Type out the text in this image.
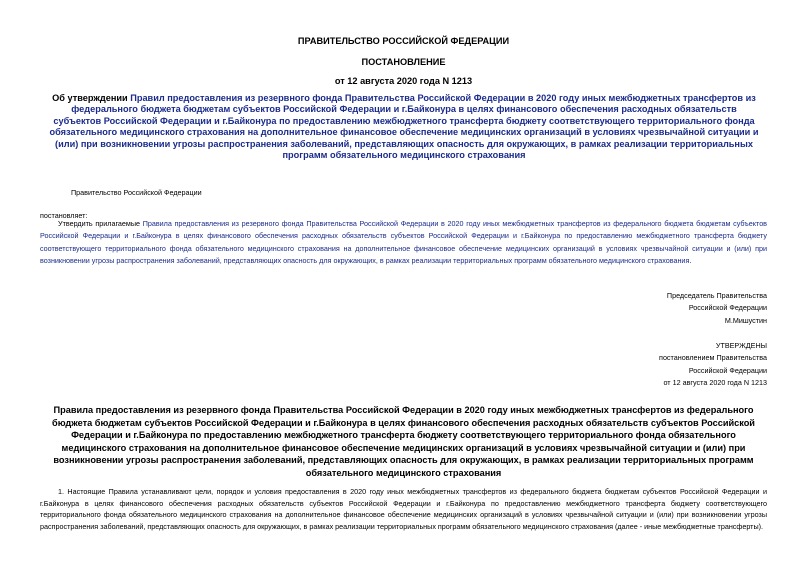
ПРАВИТЕЛЬСТВО РОССИЙСКОЙ ФЕДЕРАЦИИ
ПОСТАНОВЛЕНИЕ
от 12 августа 2020 года N 1213
Об утверждении Правил предоставления из резервного фонда Правительства Российской Федерации в 2020 году иных межбюджетных трансфертов из федерального бюджета бюджетам субъектов Российской Федерации и г.Байконура в целях финансового обеспечения расходных обязательств субъектов Российской Федерации и г.Байконура по предоставлению межбюджетного трансферта бюджету соответствующего территориального фонда обязательного медицинского страхования на дополнительное финансовое обеспечение медицинских организаций в условиях чрезвычайной ситуации и (или) при возникновении угрозы распространения заболеваний, представляющих опасность для окружающих, в рамках реализации территориальных программ обязательного медицинского страхования
Правительство Российской Федерации
постановляет:
Утвердить прилагаемые Правила предоставления из резервного фонда Правительства Российской Федерации в 2020 году иных межбюджетных трансфертов из федерального бюджета бюджетам субъектов Российской Федерации и г.Байконура в целях финансового обеспечения расходных обязательств субъектов Российской Федерации и г.Байконура по предоставлению межбюджетного трансферта бюджету соответствующего территориального фонда обязательного медицинского страхования на дополнительное финансовое обеспечение медицинских организаций в условиях чрезвычайной ситуации и (или) при возникновении угрозы распространения заболеваний, представляющих опасность для окружающих, в рамках реализации территориальных программ обязательного медицинского страхования.
Председатель Правительства
Российской Федерации
М.Мишустин
УТВЕРЖДЕНЫ
постановлением Правительства
Российской Федерации
от 12 августа 2020 года N 1213
Правила предоставления из резервного фонда Правительства Российской Федерации в 2020 году иных межбюджетных трансфертов из федерального бюджета бюджетам субъектов Российской Федерации и г.Байконура в целях финансового обеспечения расходных обязательств субъектов Российской Федерации и г.Байконура по предоставлению межбюджетного трансферта бюджету соответствующего территориального фонда обязательного медицинского страхования на дополнительное финансовое обеспечение медицинских организаций в условиях чрезвычайной ситуации и (или) при возникновении угрозы распространения заболеваний, представляющих опасность для окружающих, в рамках реализации территориальных программ обязательного медицинского страхования
1. Настоящие Правила устанавливают цели, порядок и условия предоставления в 2020 году иных межбюджетных трансфертов из федерального бюджета бюджетам субъектов Российской Федерации и г.Байконура в целях финансового обеспечения расходных обязательств субъектов Российской Федерации и г.Байконура по предоставлению межбюджетного трансферта бюджету соответствующего территориального фонда обязательного медицинского страхования на дополнительное финансовое обеспечение медицинских организаций в условиях чрезвычайной ситуации и (или) при возникновении угрозы распространения заболеваний, представляющих опасность для окружающих, в рамках реализации территориальных программ обязательного медицинского страхования (далее - иные межбюджетные трансферты).
